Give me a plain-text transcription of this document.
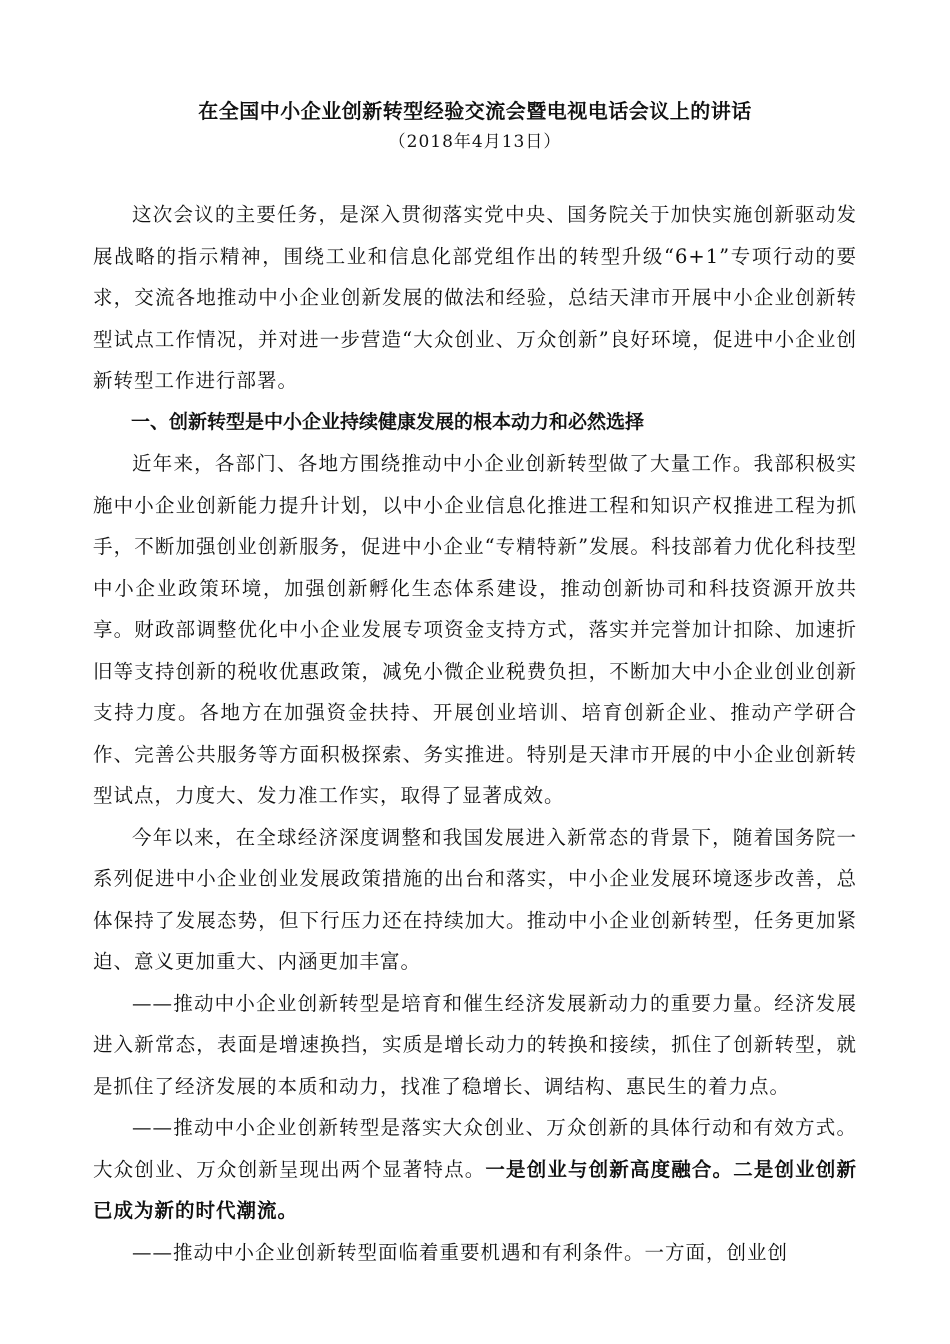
在全国中小企业创新转型经验交流会暨电视电话会议上的讲话

（2018年4月13日）

这次会议的主要任务，是深入贯彻落实党中央、国务院关于加快实施创新驱动发展战略的指示精神，围绕工业和信息化部党组作出的转型升级“6+1”专项行动的要求，交流各地推动中小企业创新发展的做法和经验，总结天津市开展中小企业创新转型试点工作情况，并对进一步营造“大众创业、万众创新”良好环境，促进中小企业创新转型工作进行部署。

一、创新转型是中小企业持续健康发展的根本动力和必然选择

近年来，各部门、各地方围绕推动中小企业创新转型做了大量工作。我部积极实施中小企业创新能力提升计划，以中小企业信息化推进工程和知识产权推进工程为抓手，不断加强创业创新服务，促进中小企业“专精特新”发展。科技部着力优化科技型中小企业政策环境，加强创新孵化生态体系建设，推动创新协司和科技资源开放共享。财政部调整优化中小企业发展专项资金支持方式，落实并完誉加计扣除、加速折旧等支持创新的税收优惠政策，减免小微企业税费负担，不断加大中小企业创业创新支持力度。各地方在加强资金扶持、开展创业培训、培育创新企业、推动产学研合作、完善公共服务等方面积极探索、务实推进。特别是天津市开展的中小企业创新转型试点，力度大、发力准工作实，取得了显著成效。

今年以来，在全球经济深度调整和我国发展进入新常态的背景下，随着国务院一系列促进中小企业创业发展政策措施的出台和落实，中小企业发展环境逐步改善，总体保持了发展态势，但下行压力还在持续加大。推动中小企业创新转型，任务更加紧迫、意义更加重大、内涵更加丰富。

——推动中小企业创新转型是培育和催生经济发展新动力的重要力量。经济发展进入新常态，表面是增速换挡，实质是增长动力的转换和接续，抓住了创新转型，就是抓住了经济发展的本质和动力，找准了稳增长、调结构、惠民生的着力点。

——推动中小企业创新转型是落实大众创业、万众创新的具体行动和有效方式。大众创业、万众创新呈现出两个显著特点。一是创业与创新高度融合。二是创业创新已成为新的时代潮流。

——推动中小企业创新转型面临着重要机遇和有利条件。一方面，创业创
